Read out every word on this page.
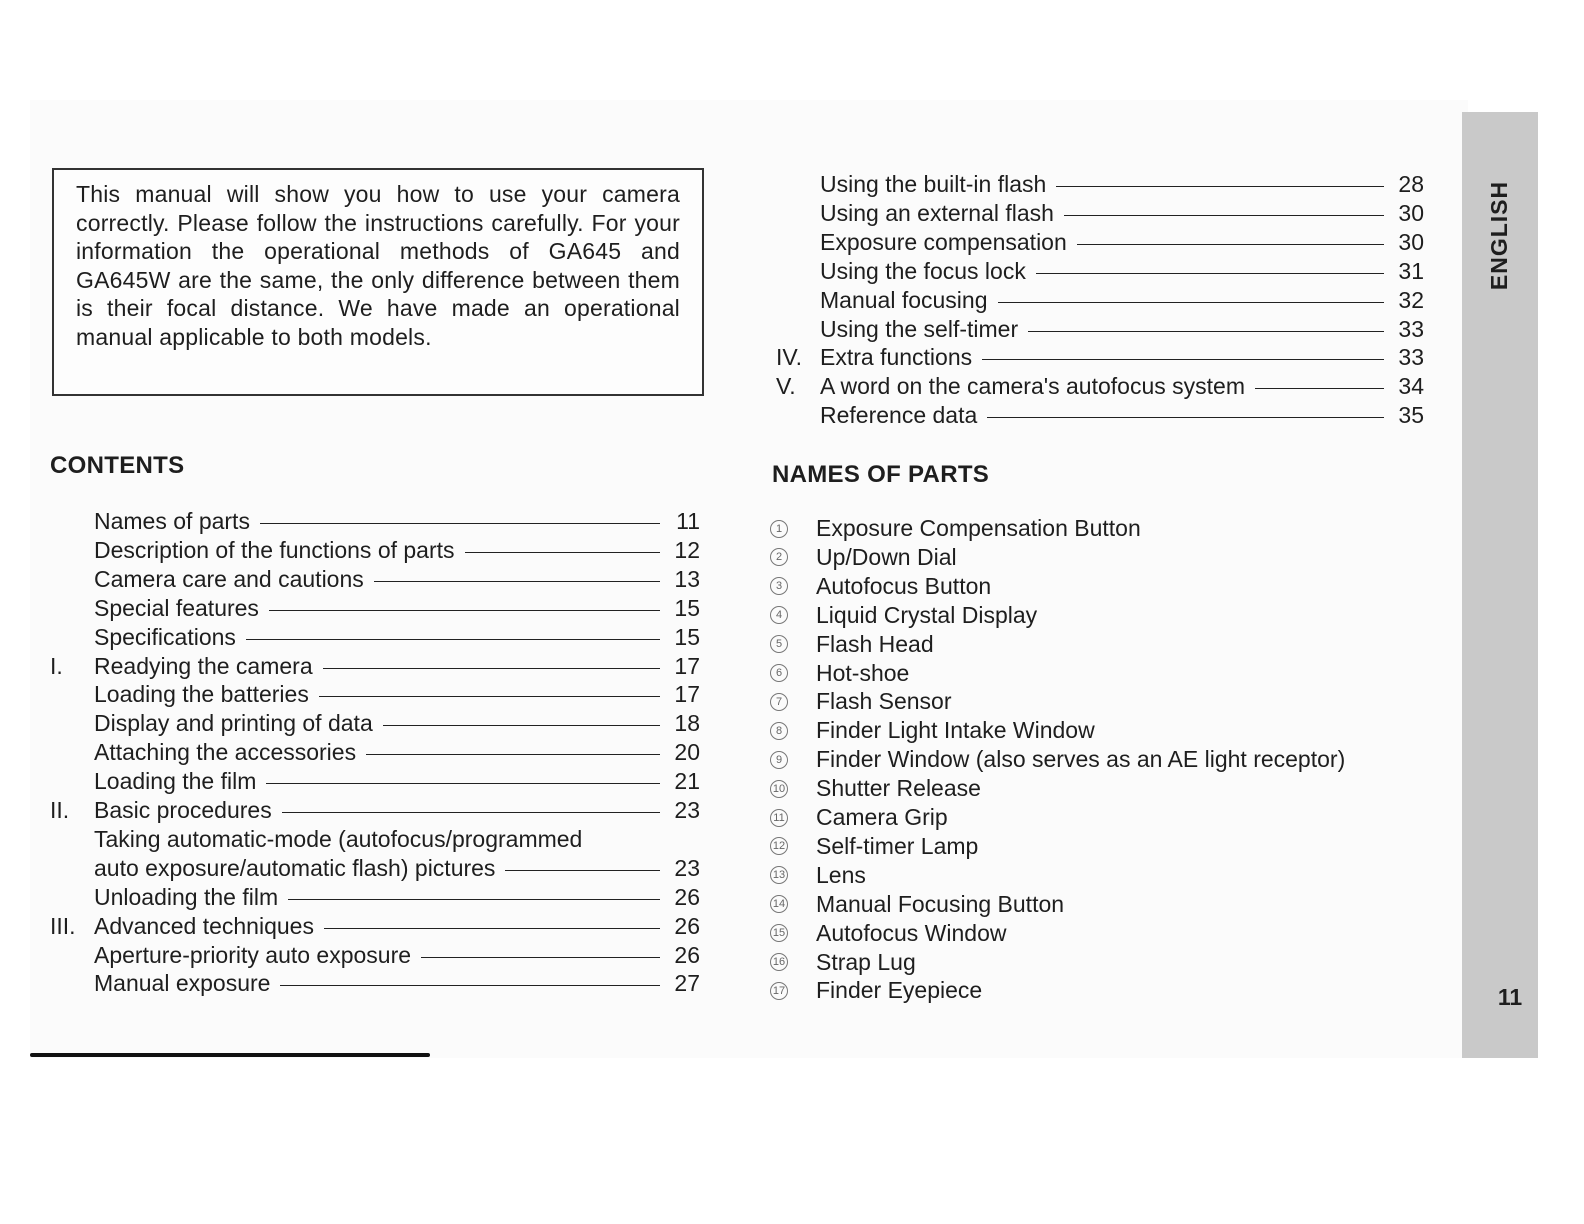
This manual will show you how to use your camera correctly. Please follow the instructions carefully. For your information the operational methods of GA645 and GA645W are the same, the only difference between them is their focal distance. We have made an operational manual applicable to both models.

CONTENTS
Names of parts	11
Description of the functions of parts	12
Camera care and cautions	13
Special features	15
Specifications	15
I.	Readying the camera	17
Loading the batteries	17
Display and printing of data	18
Attaching the accessories	20
Loading the film	21
II.	Basic procedures	23
Taking automatic-mode (autofocus/programmed
auto exposure/automatic flash) pictures	23
Unloading the film	26
III. Advanced techniques	26
Aperture-priority auto exposure	26
Manual exposure	27
Using the built-in flash	28
Using an external flash	30
Exposure compensation	30
Using the focus lock	31
Manual focusing	32
Using the self-timer	33
IV. Extra functions	33
V.	A word on the camera's autofocus system	34
Reference data	35
NAMES OF PARTS
1 Exposure Compensation Button
2 Up/Down Dial
3 Autofocus Button
4 Liquid Crystal Display
5 Flash Head
6 Hot-shoe
7 Flash Sensor
8 Finder Light Intake Window
9 Finder Window (also serves as an AE light receptor)
10 Shutter Release
11 Camera Grip
12 Self-timer Lamp
13 Lens
14 Manual Focusing Button
15 Autofocus Window
16 Strap Lug
17 Finder Eyepiece
ENGLISH
11
